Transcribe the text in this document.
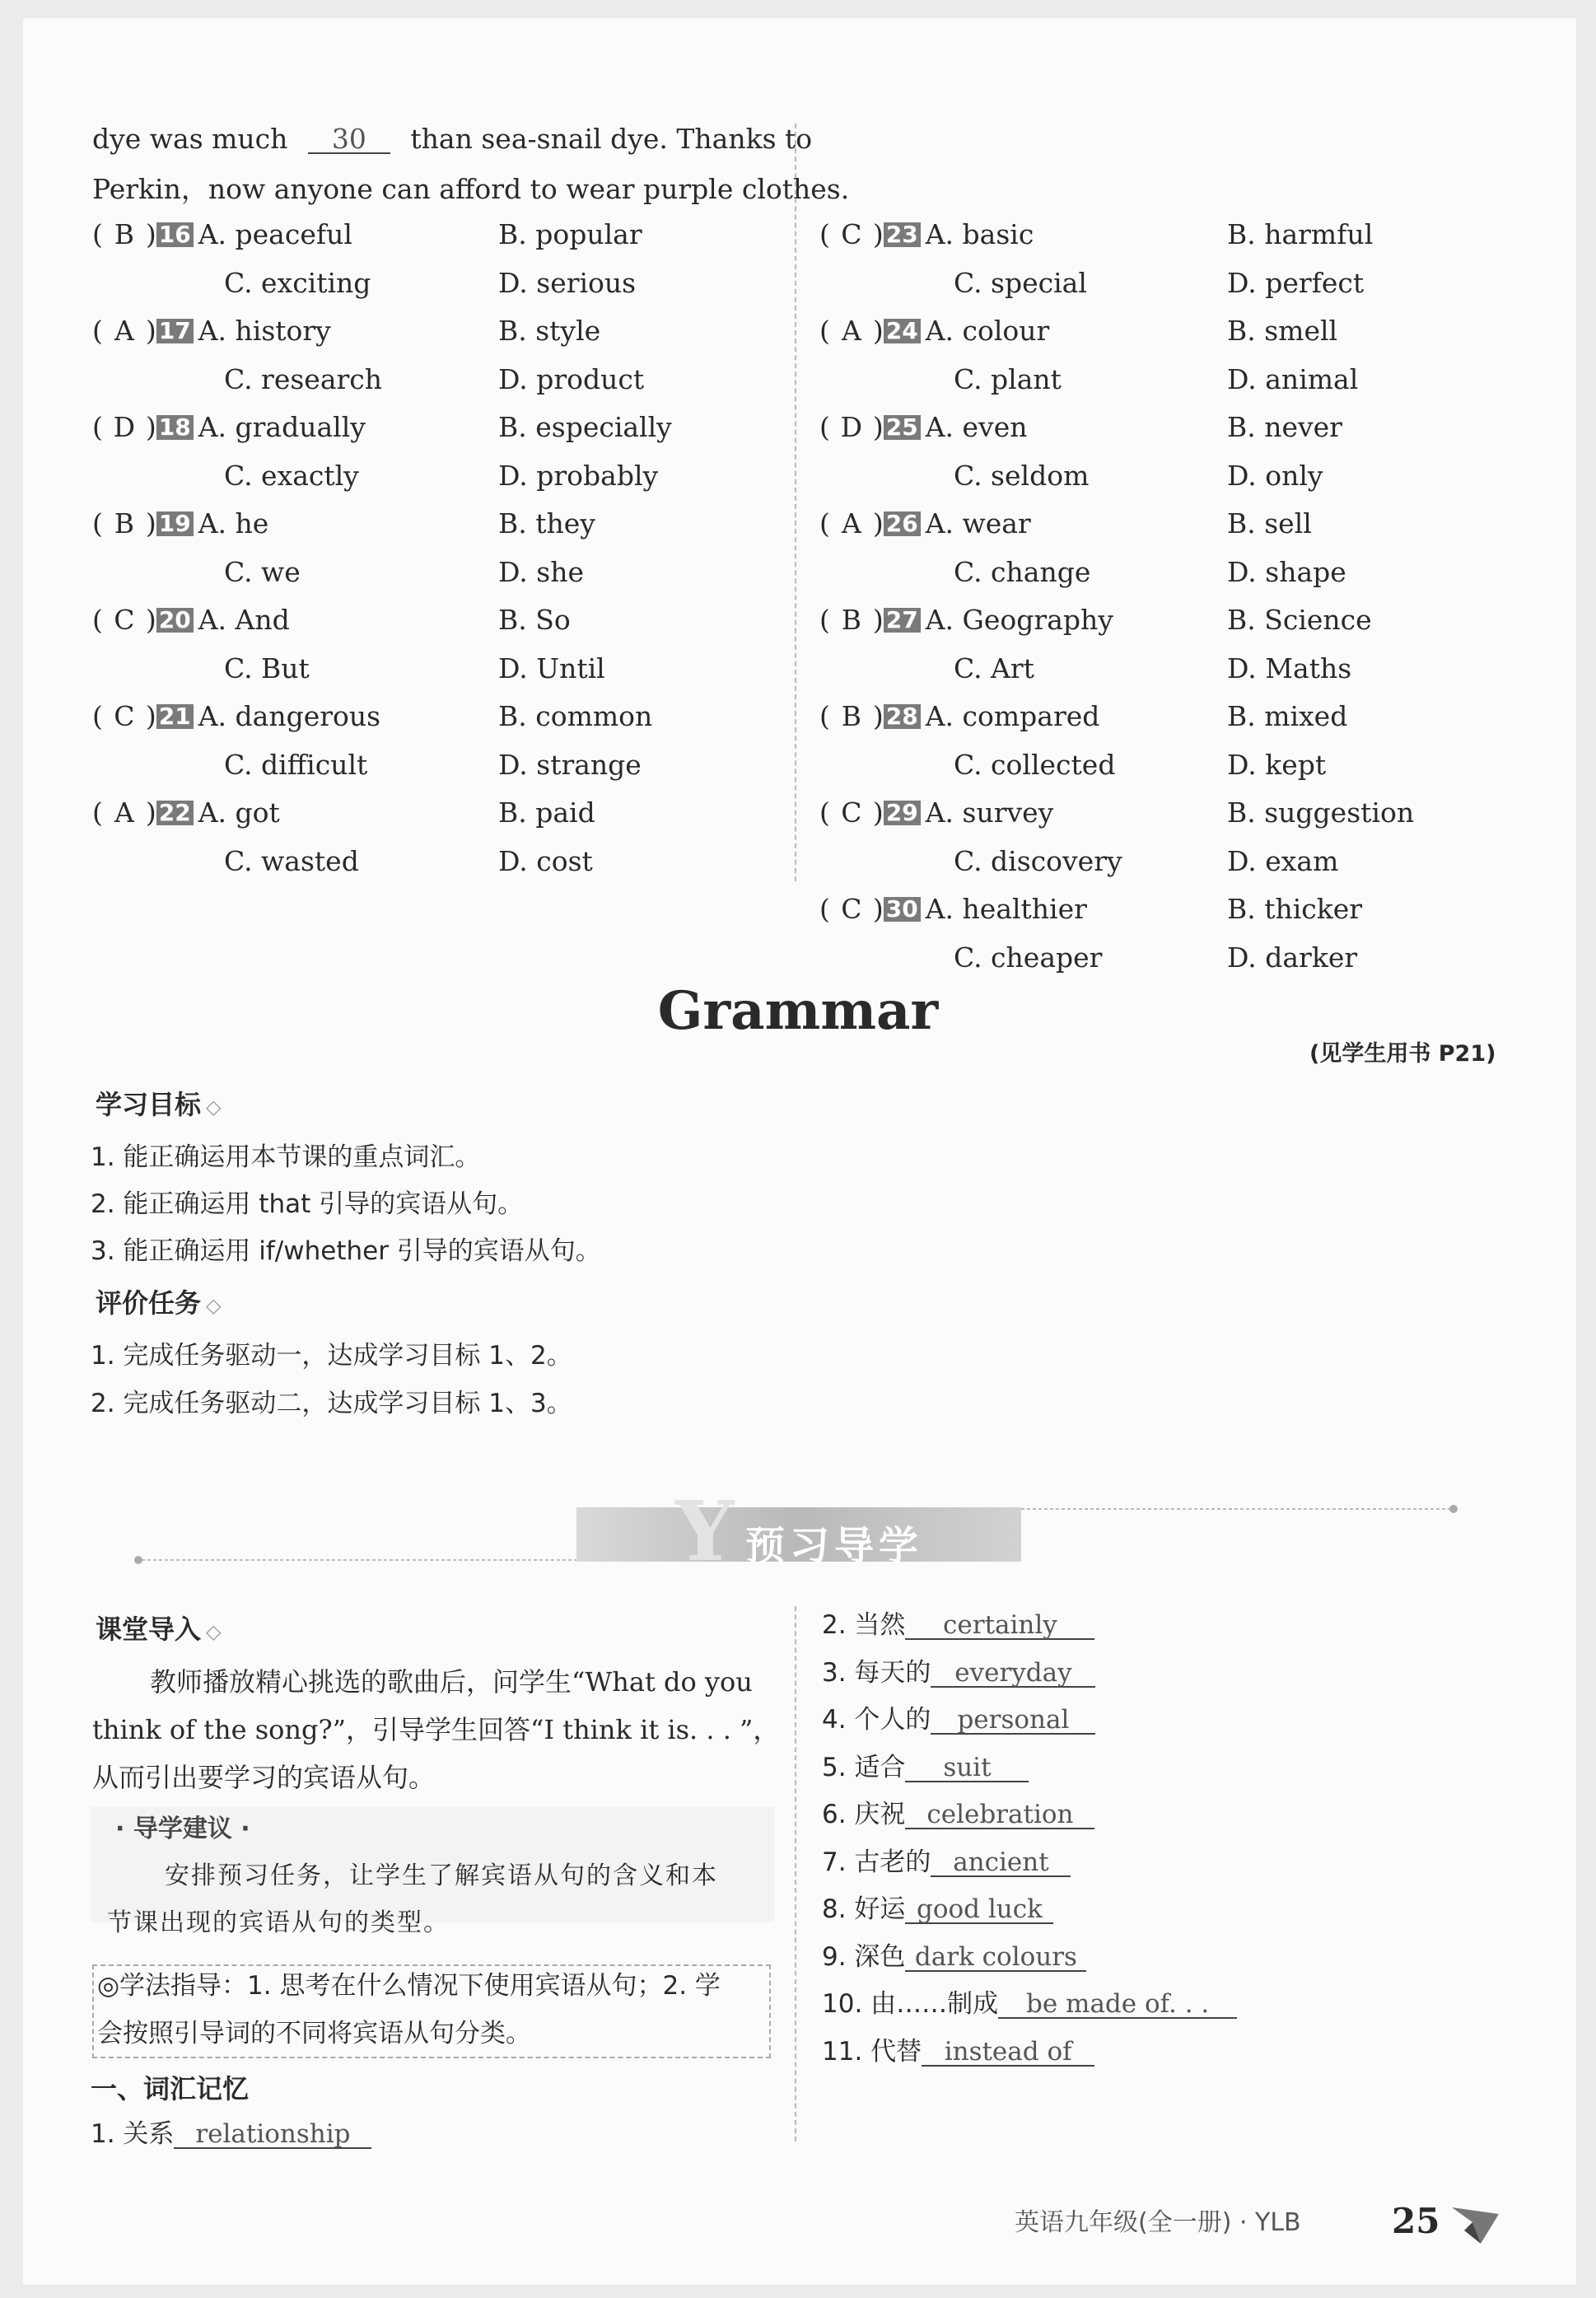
dye was much 30 than sea-snail dye. Thanks to
Perkin，now anyone can afford to wear purple clothes.
( B ) 16 A. peaceful	B. popular
C. exciting	D. serious
( A ) 17 A. history	B. style
C. research	D. product
( D ) 18 A. gradually	B. especially
C. exactly	D. probably
( B ) 19 A. he	B. they
C. we	D. she
( C ) 20 A. And	B. So
C. But	D. Until
( C ) 21 A. dangerous	B. common
C. difficult	D. strange
( A ) 22 A. got	B. paid
C. wasted	D. cost
( C ) 23 A. basic	B. harmful
C. special	D. perfect
( A ) 24 A. colour	B. smell
C. plant	D. animal
( D ) 25 A. even	B. never
C. seldom	D. only
( A ) 26 A. wear	B. sell
C. change	D. shape
( B ) 27 A. Geography	B. Science
C. Art	D. Maths
( B ) 28 A. compared	B. mixed
C. collected	D. kept
( C ) 29 A. survey	B. suggestion
C. discovery	D. exam
( C ) 30 A. healthier	B. thicker
C. cheaper	D. darker
Grammar
(见学生用书 P21)
学习目标 ◇
1. 能正确运用本节课的重点词汇。
2. 能正确运用 that 引导的宾语从句。
3. 能正确运用 if/whether 引导的宾语从句。
评价任务 ◇
1. 完成任务驱动一，达成学习目标 1、2。
2. 完成任务驱动二，达成学习目标 1、3。
Y 预习导学
课堂导入 ◇
教师播放精心挑选的歌曲后，问学生“What do you
think of the song?”，引导学生回答“I think it is. . . ”，
从而引出要学习的宾语从句。
· 导学建议 ·
安排预习任务，让学生了解宾语从句的含义和本
节课出现的宾语从句的类型。
◎学法指导：1. 思考在什么情况下使用宾语从句；2. 学
会按照引导词的不同将宾语从句分类。
一、词汇记忆
1. 关系 relationship
2. 当然 certainly
3. 每天的 everyday
4. 个人的 personal
5. 适合 suit
6. 庆祝 celebration
7. 古老的 ancient
8. 好运 good luck
9. 深色 dark colours
10. 由……制成 be made of. . .
11. 代替 instead of
英语九年级(全一册) · YLB	25
